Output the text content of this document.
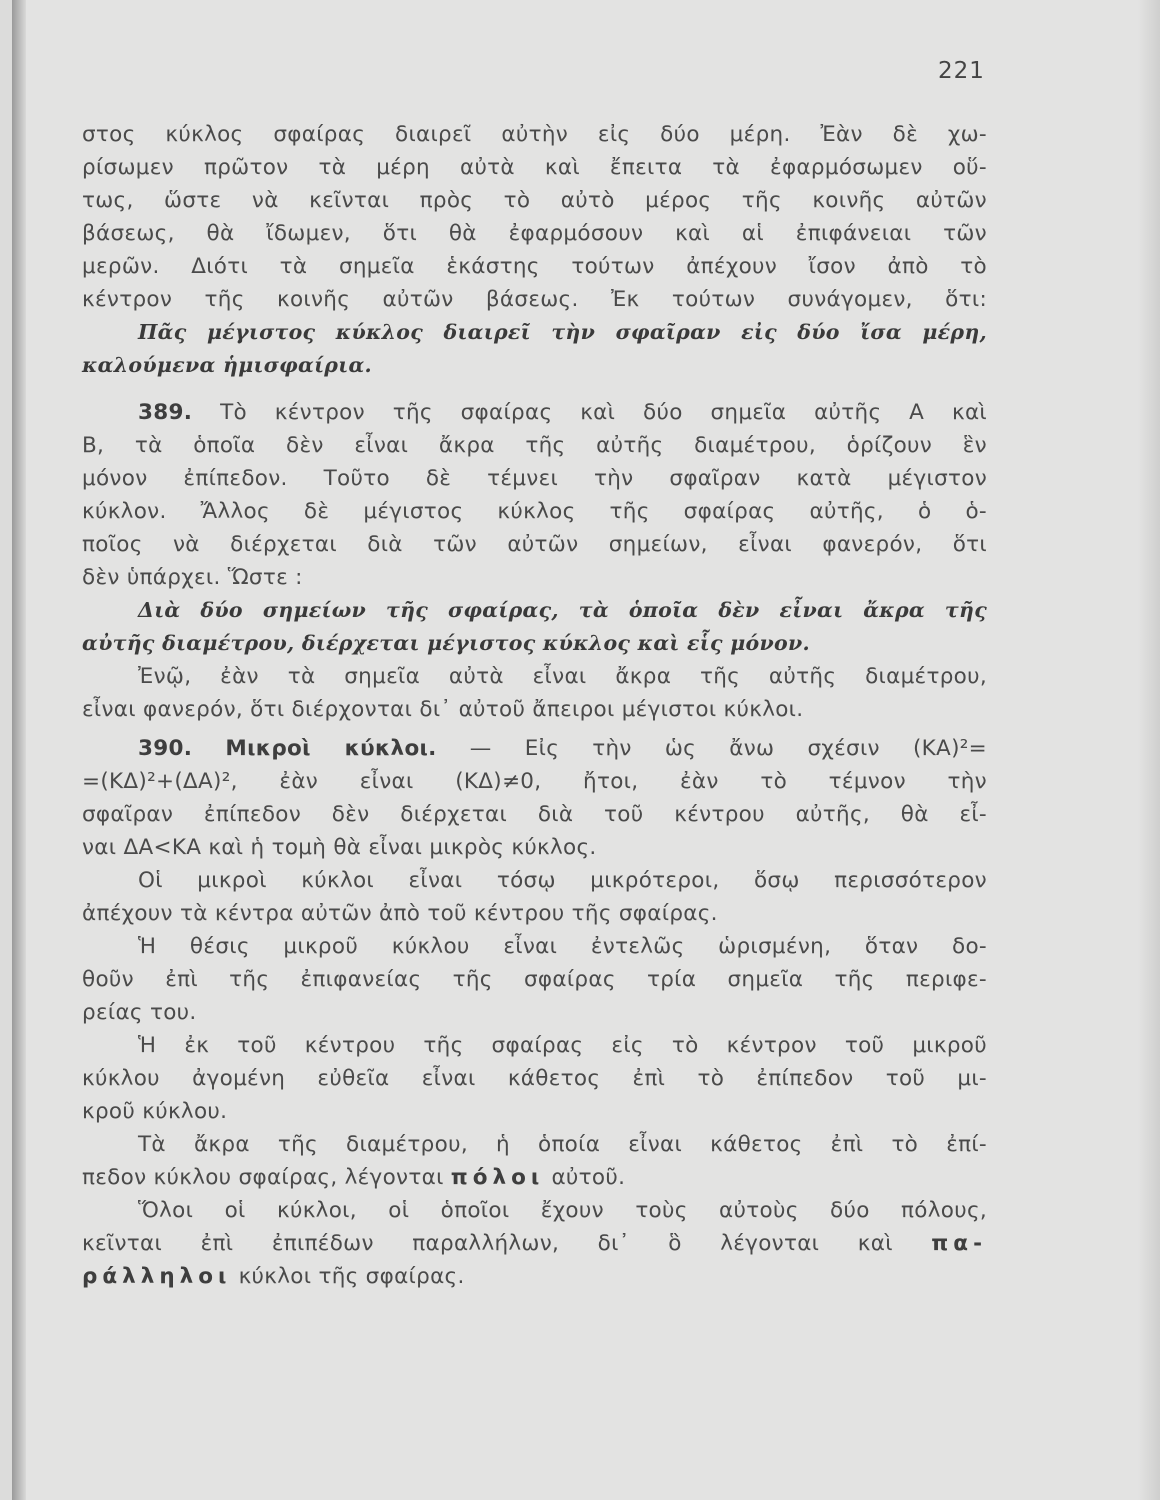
221
στος κύκλος σφαίρας διαιρεῖ αὐτὴν εἰς δύο μέρη. Ἐὰν δὲ χω-
ρίσωμεν πρῶτον τὰ μέρη αὐτὰ καὶ ἔπειτα τὰ ἐφαρμόσωμεν οὕ-
τως, ὥστε νὰ κεῖνται πρὸς τὸ αὐτὸ μέρος τῆς κοινῆς αὐτῶν
βάσεως, θὰ ἴδωμεν, ὅτι θὰ ἐφαρμόσουν καὶ αἱ ἐπιφάνειαι τῶν
μερῶν. Διότι τὰ σημεῖα ἑκάστης τούτων ἀπέχουν ἴσον ἀπὸ τὸ
κέντρον τῆς κοινῆς αὐτῶν βάσεως. Ἐκ τούτων συνάγομεν, ὅτι:
Πᾶς μέγιστος κύκλος διαιρεῖ τὴν σφαῖραν εἰς δύο ἴσα μέρη,
καλούμενα ἡμισφαίρια.
389. Τὸ κέντρον τῆς σφαίρας καὶ δύο σημεῖα αὐτῆς Α καὶ
Β, τὰ ὁποῖα δὲν εἶναι ἄκρα τῆς αὐτῆς διαμέτρου, ὁρίζουν ἓν
μόνον ἐπίπεδον. Τοῦτο δὲ τέμνει τὴν σφαῖραν κατὰ μέγιστον
κύκλον. Ἄλλος δὲ μέγιστος κύκλος τῆς σφαίρας αὐτῆς, ὁ ὁ-
ποῖος νὰ διέρχεται διὰ τῶν αὐτῶν σημείων, εἶναι φανερόν, ὅτι
δὲν ὑπάρχει. Ὥστε :
Διὰ δύο σημείων τῆς σφαίρας, τὰ ὁποῖα δὲν εἶναι ἄκρα τῆς
αὐτῆς διαμέτρου, διέρχεται μέγιστος κύκλος καὶ εἷς μόνον.
Ἐνῷ, ἐὰν τὰ σημεῖα αὐτὰ εἶναι ἄκρα τῆς αὐτῆς διαμέτρου,
εἶναι φανερόν, ὅτι διέρχονται δι᾽ αὐτοῦ ἄπειροι μέγιστοι κύκλοι.
390. Μικροὶ κύκλοι. — Εἰς τὴν ὡς ἄνω σχέσιν (ΚΑ)²=
=(ΚΔ)²+(ΔΑ)², ἐὰν εἶναι (ΚΔ)≠0, ἤτοι, ἐὰν τὸ τέμνον τὴν
σφαῖραν ἐπίπεδον δὲν διέρχεται διὰ τοῦ κέντρου αὐτῆς, θὰ εἶ-
ναι ΔΑ<ΚΑ καὶ ἡ τομὴ θὰ εἶναι μικρὸς κύκλος.
Οἱ μικροὶ κύκλοι εἶναι τόσῳ μικρότεροι, ὅσῳ περισσότερον
ἀπέχουν τὰ κέντρα αὐτῶν ἀπὸ τοῦ κέντρου τῆς σφαίρας.
Ἡ θέσις μικροῦ κύκλου εἶναι ἐντελῶς ὡρισμένη, ὅταν δο-
θοῦν ἐπὶ τῆς ἐπιφανείας τῆς σφαίρας τρία σημεῖα τῆς περιφε-
ρείας του.
Ἡ ἐκ τοῦ κέντρου τῆς σφαίρας εἰς τὸ κέντρον τοῦ μικροῦ
κύκλου ἀγομένη εὐθεῖα εἶναι κάθετος ἐπὶ τὸ ἐπίπεδον τοῦ μι-
κροῦ κύκλου.
Τὰ ἄκρα τῆς διαμέτρου, ἡ ὁποία εἶναι κάθετος ἐπὶ τὸ ἐπί-
πεδον κύκλου σφαίρας, λέγονται πόλοι αὐτοῦ.
Ὅλοι οἱ κύκλοι, οἱ ὁποῖοι ἔχουν τοὺς αὐτοὺς δύο πόλους,
κεῖνται ἐπὶ ἐπιπέδων παραλλήλων, δι᾽ ὃ λέγονται καὶ πα-
ράλληλοι κύκλοι τῆς σφαίρας.
